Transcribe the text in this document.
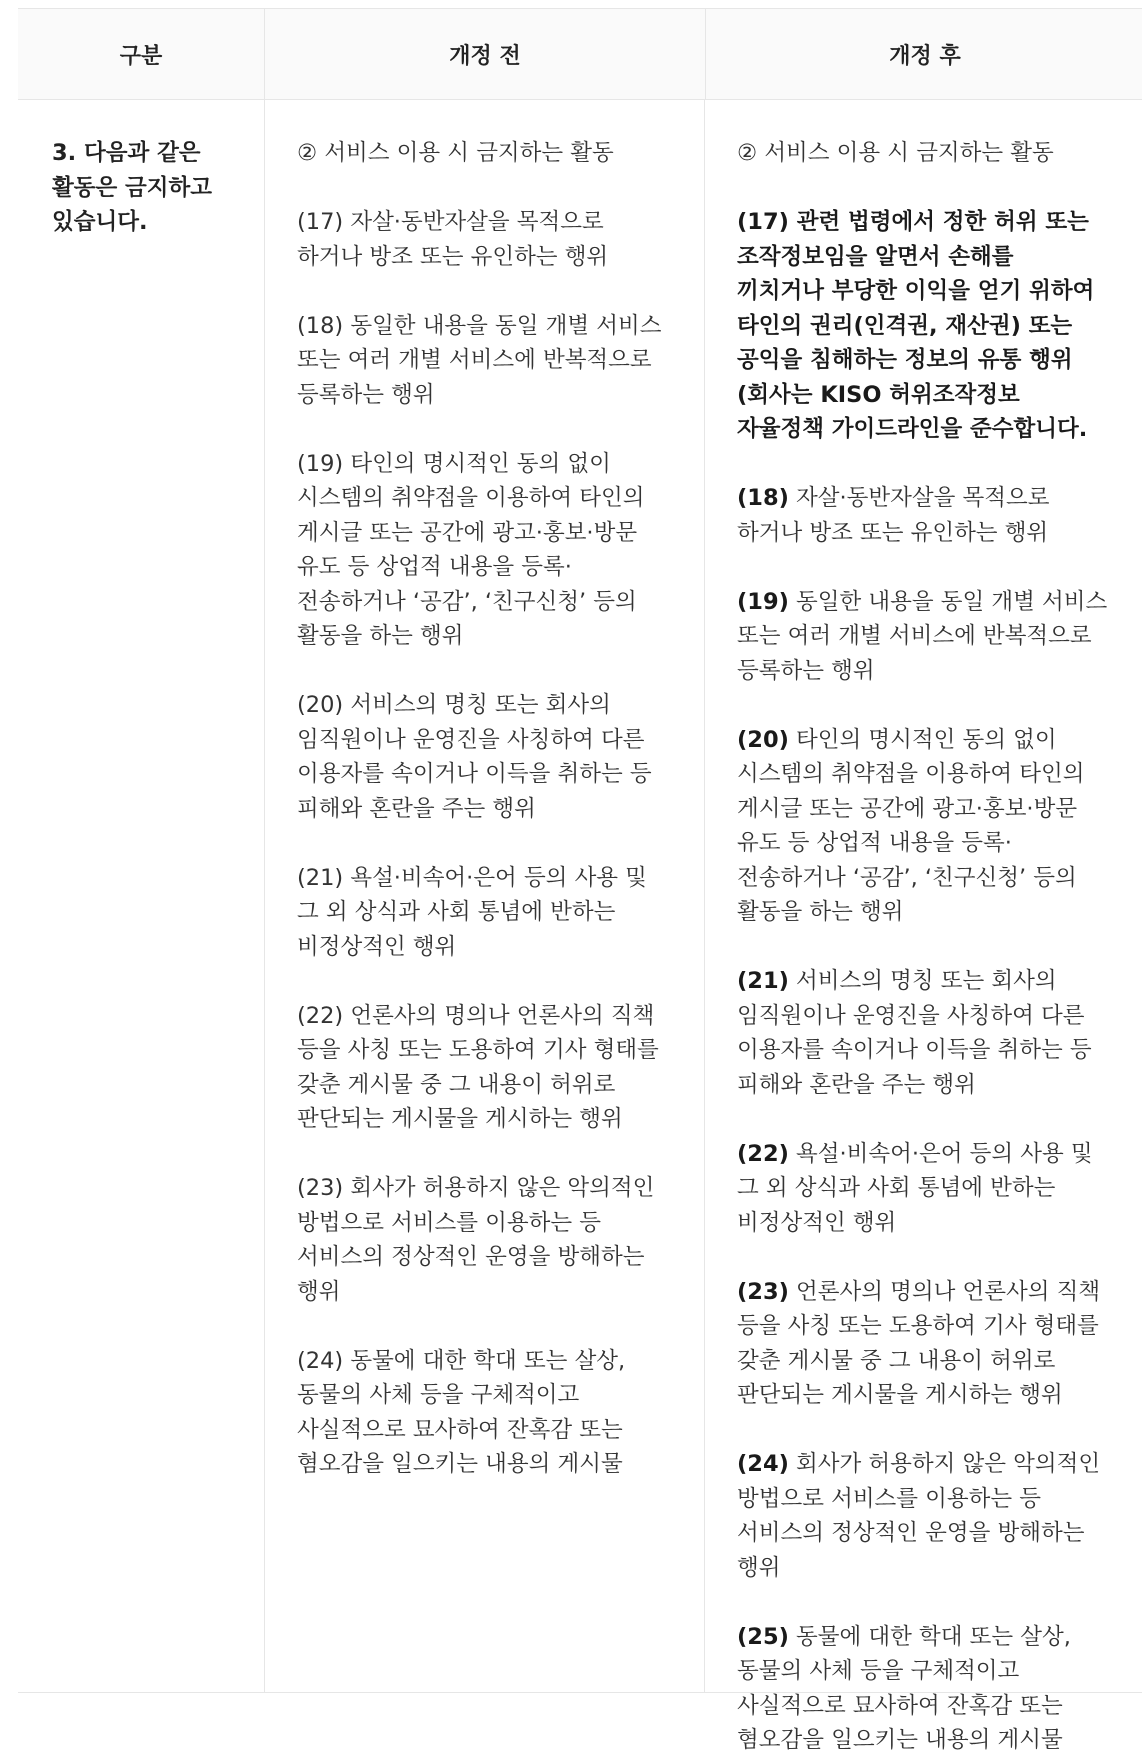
구분	개정 전	개정 후
3. 다음과 같은 활동은 금지하고 있습니다.

② 서비스 이용 시 금지하는 활동

(17) 자살·동반자살을 목적으로 하거나 방조 또는 유인하는 행위

(18) 동일한 내용을 동일 개별 서비스 또는 여러 개별 서비스에 반복적으로 등록하는 행위

(19) 타인의 명시적인 동의 없이 시스템의 취약점을 이용하여 타인의 게시글 또는 공간에 광고·홍보·방문 유도 등 상업적 내용을 등록·전송하거나 ‘공감’, ‘친구신청’ 등의 활동을 하는 행위

(20) 서비스의 명칭 또는 회사의 임직원이나 운영진을 사칭하여 다른 이용자를 속이거나 이득을 취하는 등 피해와 혼란을 주는 행위

(21) 욕설·비속어·은어 등의 사용 및 그 외 상식과 사회 통념에 반하는 비정상적인 행위

(22) 언론사의 명의나 언론사의 직책 등을 사칭 또는 도용하여 기사 형태를 갖춘 게시물 중 그 내용이 허위로 판단되는 게시물을 게시하는 행위

(23) 회사가 허용하지 않은 악의적인 방법으로 서비스를 이용하는 등 서비스의 정상적인 운영을 방해하는 행위

(24) 동물에 대한 학대 또는 살상, 동물의 사체 등을 구체적이고 사실적으로 묘사하여 잔혹감 또는 혐오감을 일으키는 내용의 게시물

② 서비스 이용 시 금지하는 활동

(17) 관련 법령에서 정한 허위 또는 조작정보임을 알면서 손해를 끼치거나 부당한 이익을 얻기 위하여 타인의 권리(인격권, 재산권) 또는 공익을 침해하는 정보의 유통 행위(회사는 KISO 허위조작정보 자율정책 가이드라인을 준수합니다.

(18) 자살·동반자살을 목적으로 하거나 방조 또는 유인하는 행위

(19) 동일한 내용을 동일 개별 서비스 또는 여러 개별 서비스에 반복적으로 등록하는 행위

(20) 타인의 명시적인 동의 없이 시스템의 취약점을 이용하여 타인의 게시글 또는 공간에 광고·홍보·방문 유도 등 상업적 내용을 등록·전송하거나 ‘공감’, ‘친구신청’ 등의 활동을 하는 행위

(21) 서비스의 명칭 또는 회사의 임직원이나 운영진을 사칭하여 다른 이용자를 속이거나 이득을 취하는 등 피해와 혼란을 주는 행위

(22) 욕설·비속어·은어 등의 사용 및 그 외 상식과 사회 통념에 반하는 비정상적인 행위

(23) 언론사의 명의나 언론사의 직책 등을 사칭 또는 도용하여 기사 형태를 갖춘 게시물 중 그 내용이 허위로 판단되는 게시물을 게시하는 행위

(24) 회사가 허용하지 않은 악의적인 방법으로 서비스를 이용하는 등 서비스의 정상적인 운영을 방해하는 행위

(25) 동물에 대한 학대 또는 살상, 동물의 사체 등을 구체적이고 사실적으로 묘사하여 잔혹감 또는 혐오감을 일으키는 내용의 게시물
